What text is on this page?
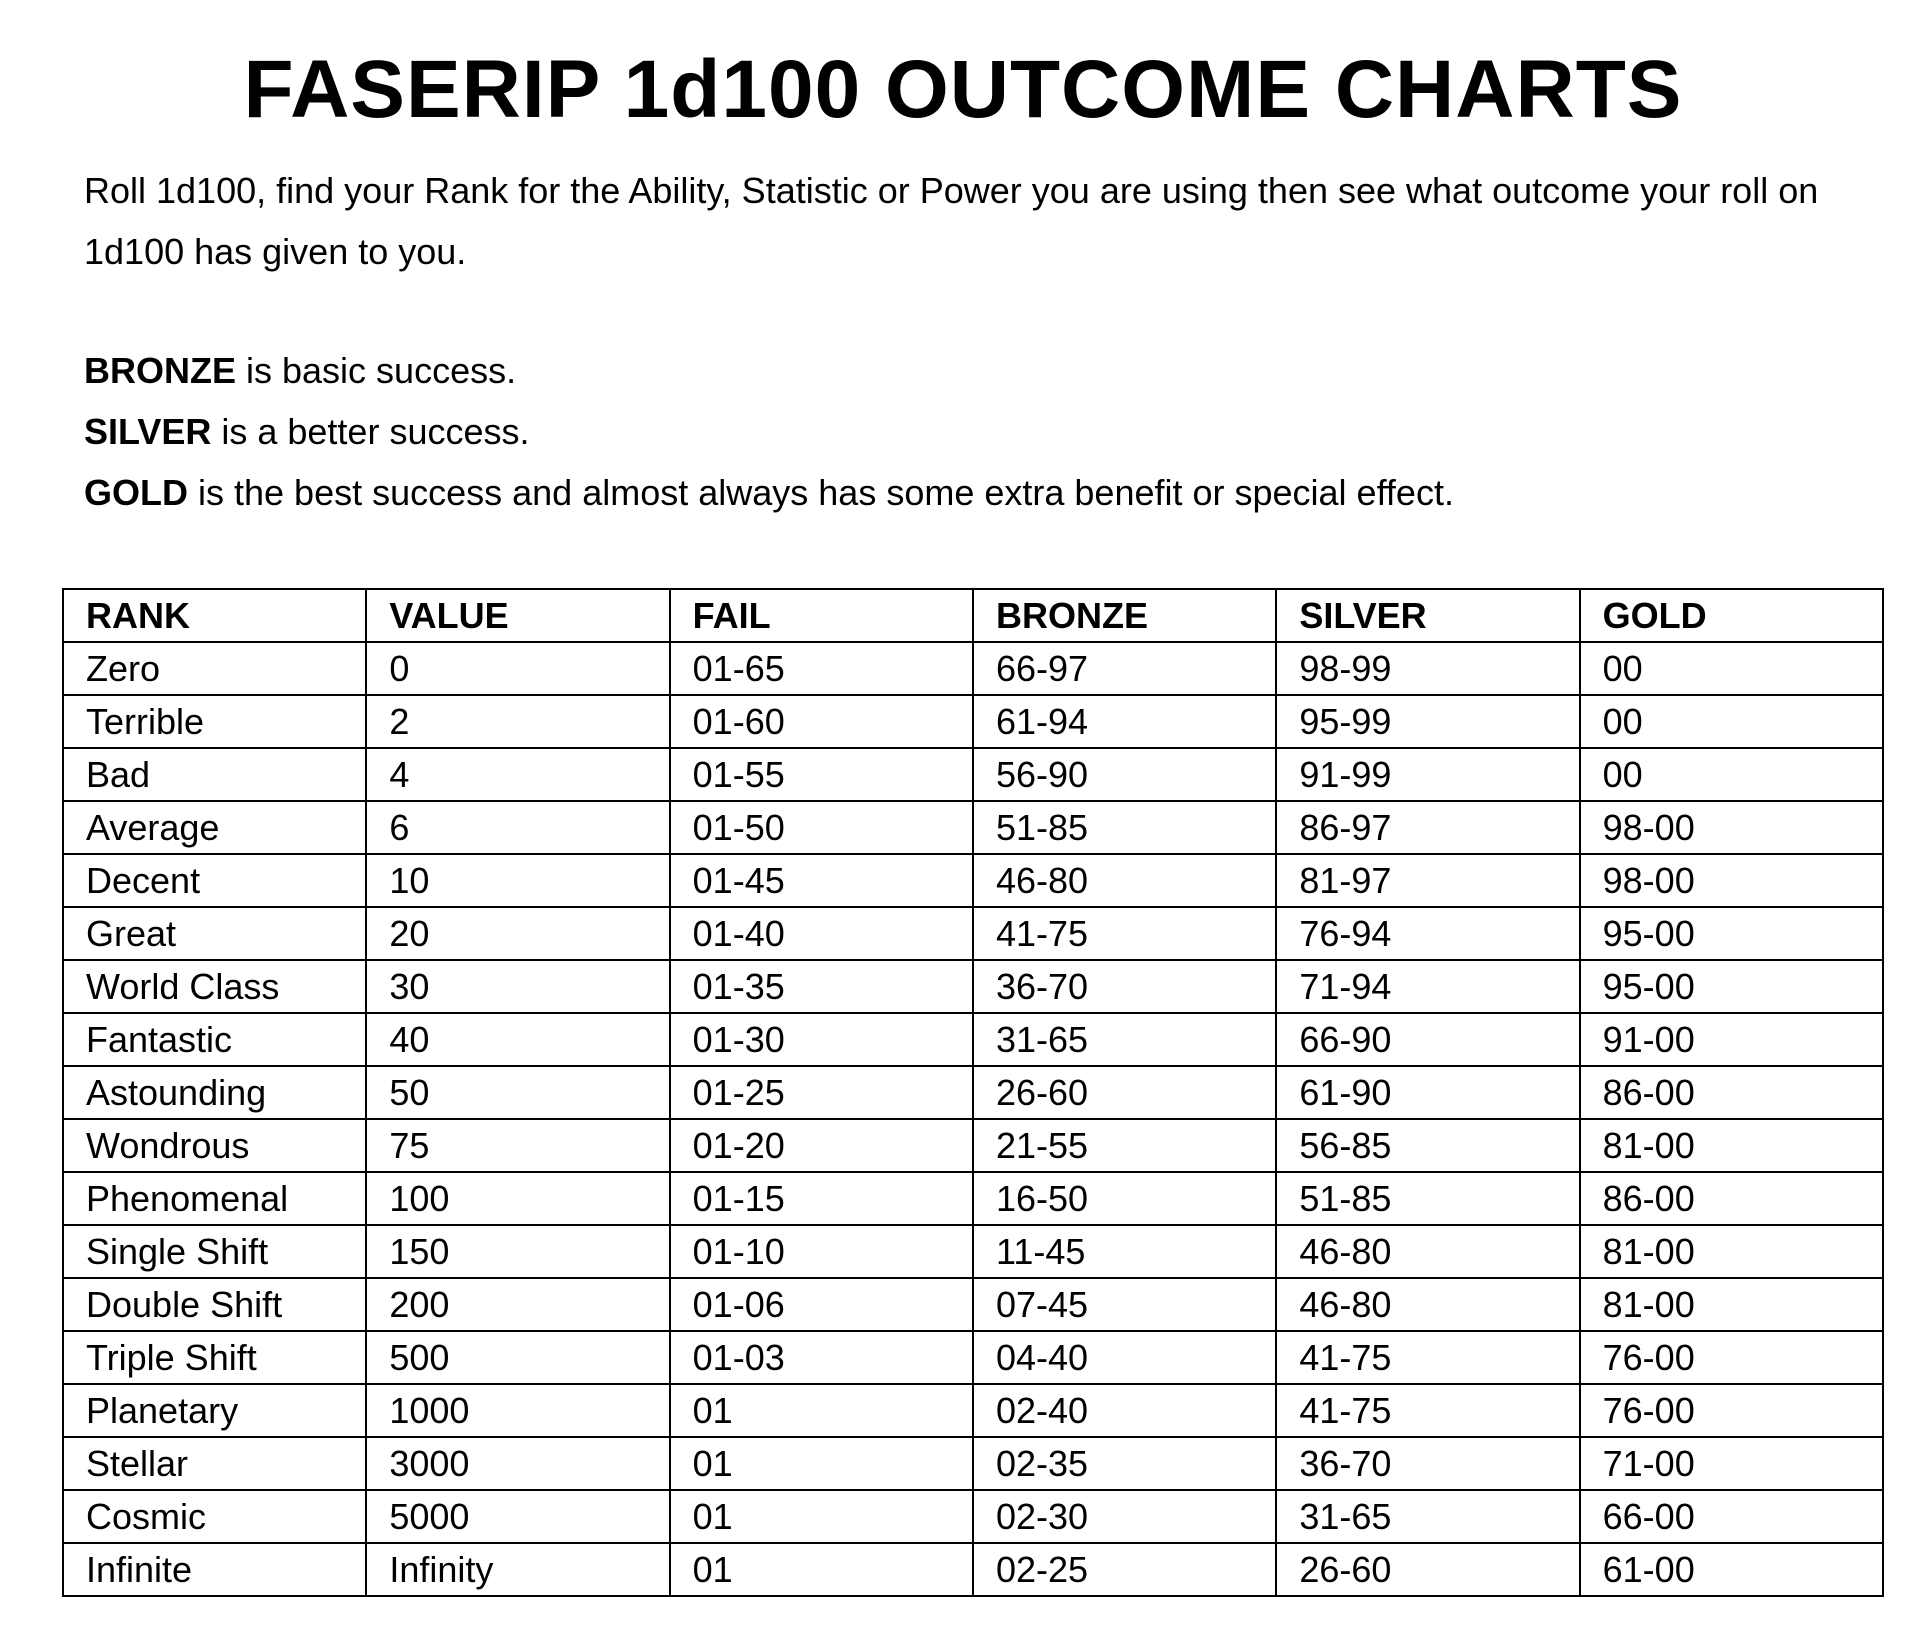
FASERIP 1d100 OUTCOME CHARTS

Roll 1d100, find your Rank for the Ability, Statistic or Power you are using then see what outcome your roll on 1d100 has given to you.

BRONZE is basic success.
SILVER is a better success.
GOLD is the best success and almost always has some extra benefit or special effect.
RANK	VALUE	FAIL	BRONZE	SILVER	GOLD
Zero	0	01-65	66-97	98-99	00
Terrible	2	01-60	61-94	95-99	00
Bad	4	01-55	56-90	91-99	00
Average	6	01-50	51-85	86-97	98-00
Decent	10	01-45	46-80	81-97	98-00
Great	20	01-40	41-75	76-94	95-00
World Class	30	01-35	36-70	71-94	95-00
Fantastic	40	01-30	31-65	66-90	91-00
Astounding	50	01-25	26-60	61-90	86-00
Wondrous	75	01-20	21-55	56-85	81-00
Phenomenal	100	01-15	16-50	51-85	86-00
Single Shift	150	01-10	11-45	46-80	81-00
Double Shift	200	01-06	07-45	46-80	81-00
Triple Shift	500	01-03	04-40	41-75	76-00
Planetary	1000	01	02-40	41-75	76-00
Stellar	3000	01	02-35	36-70	71-00
Cosmic	5000	01	02-30	31-65	66-00
Infinite	Infinity	01	02-25	26-60	61-00
